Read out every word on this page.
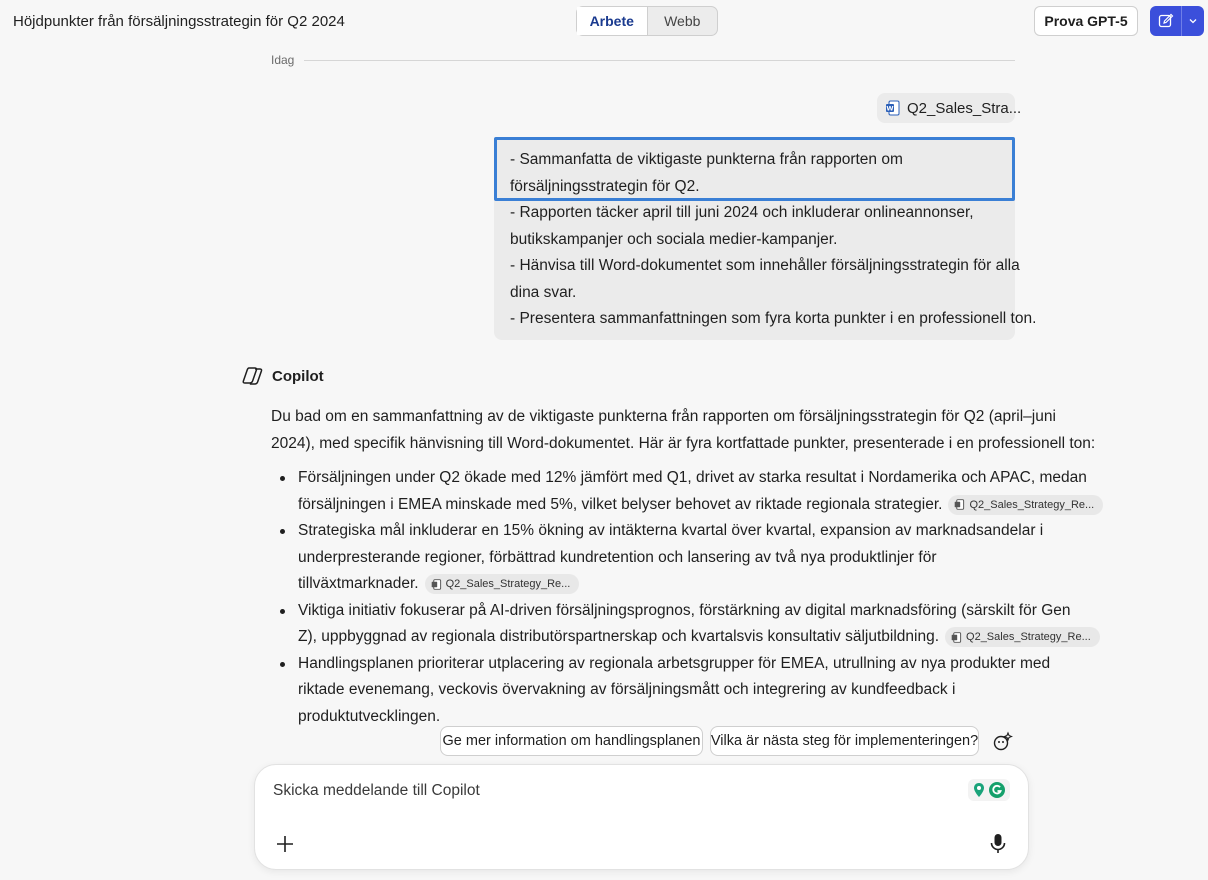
Höjdpunkter från försäljningsstrategin för Q2 2024	Arbete	Webb	Prova GPT-5
Idag
W Q2_Sales_Stra...
- Sammanfatta de viktigaste punkterna från rapporten om
försäljningsstrategin för Q2.
- Rapporten täcker april till juni 2024 och inkluderar onlineannonser,
butikskampanjer och sociala medier-kampanjer.
- Hänvisa till Word-dokumentet som innehåller försäljningsstrategin för alla
dina svar.
- Presentera sammanfattningen som fyra korta punkter i en professionell ton.
Copilot
Du bad om en sammanfattning av de viktigaste punkterna från rapporten om försäljningsstrategin för Q2 (april–juni
2024), med specifik hänvisning till Word-dokumentet. Här är fyra kortfattade punkter, presenterade i en professionell ton:
Försäljningen under Q2 ökade med 12% jämfört med Q1, drivet av starka resultat i Nordamerika och APAC, medan
försäljningen i EMEA minskade med 5%, vilket belyser behovet av riktade regionala strategier. Q2_Sales_Strategy_Re...
Strategiska mål inkluderar en 15% ökning av intäkterna kvartal över kvartal, expansion av marknadsandelar i
underpresterande regioner, förbättrad kundretention och lansering av två nya produktlinjer för
tillväxtmarknader. Q2_Sales_Strategy_Re...
Viktiga initiativ fokuserar på AI-driven försäljningsprognos, förstärkning av digital marknadsföring (särskilt för Gen
Z), uppbyggnad av regionala distributörspartnerskap och kvartalsvis konsultativ säljutbildning. Q2_Sales_Strategy_Re...
Handlingsplanen prioriterar utplacering av regionala arbetsgrupper för EMEA, utrullning av nya produkter med
riktade evenemang, veckovis övervakning av försäljningsmått och integrering av kundfeedback i
produktutvecklingen.
Ge mer information om handlingsplanen Vilka är nästa steg för implementeringen?
Skicka meddelande till Copilot
